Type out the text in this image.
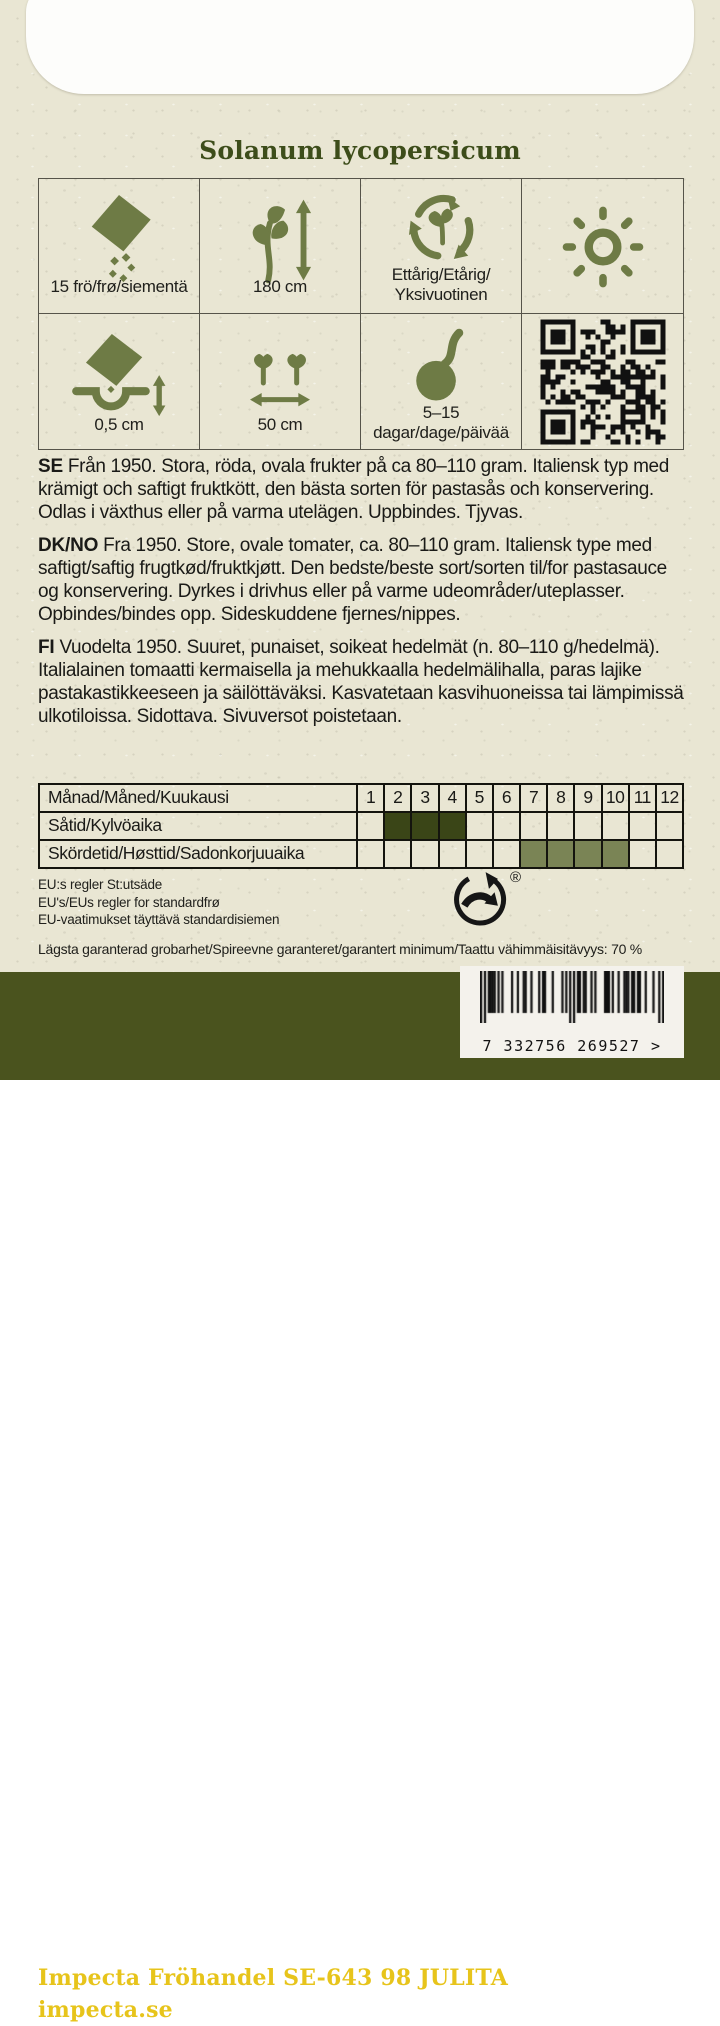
Solanum lycopersicum
15 frö/frø/siementä	180 cm
Ettårig/Etårig/
Yksivuotinen
0,5 cm	50 cm
5–15
dagar/dage/päivää

SE Från 1950. Stora, röda, ovala frukter på ca 80–110 gram. Italiensk typ med krämigt och saftigt fruktkött, den bästa sorten för pastasås och konservering. Odlas i växthus eller på varma utelägen. Uppbindes. Tjyvas.

DK/NO Fra 1950. Store, ovale tomater, ca. 80–110 gram. Italiensk type med saftigt/saftig frugtkød/fruktkjøtt. Den bedste/beste sort/sorten til/for pastasauce og konservering. Dyrkes i drivhus eller på varme udeområder/uteplasser. Opbindes/bindes opp. Sideskuddene fjernes/nippes.

FI Vuodelta 1950. Suuret, punaiset, soikeat hedelmät (n. 80–110 g/hedelmä). Italialainen tomaatti kermaisella ja mehukkaalla hedelmälihalla, paras lajike pastakastikkeeseen ja säilöttäväksi. Kasvatetaan kasvihuoneissa tai lämpimissä ulkotiloissa. Sidottava. Sivuversot poistetaan.

Månad/Måned/Kuukausi	1	2	3	4	5	6	7	8	9 10 11 12
Såtid/Kylvöaika
Skördetid/Høsttid/Sadonkorjuuaika
EU:s regler St:utsäde
EU's/EUs regler for standardfrø
EU-vaatimukset täyttävä standardisiemen
®
Lägsta garanterad grobarhet/Spireevne garanteret/garantert minimum/Taattu vähimmäisitävyys: 70 %
Impecta Fröhandel SE-643 98 JULITA
impecta.se
7 332756 269527 >
